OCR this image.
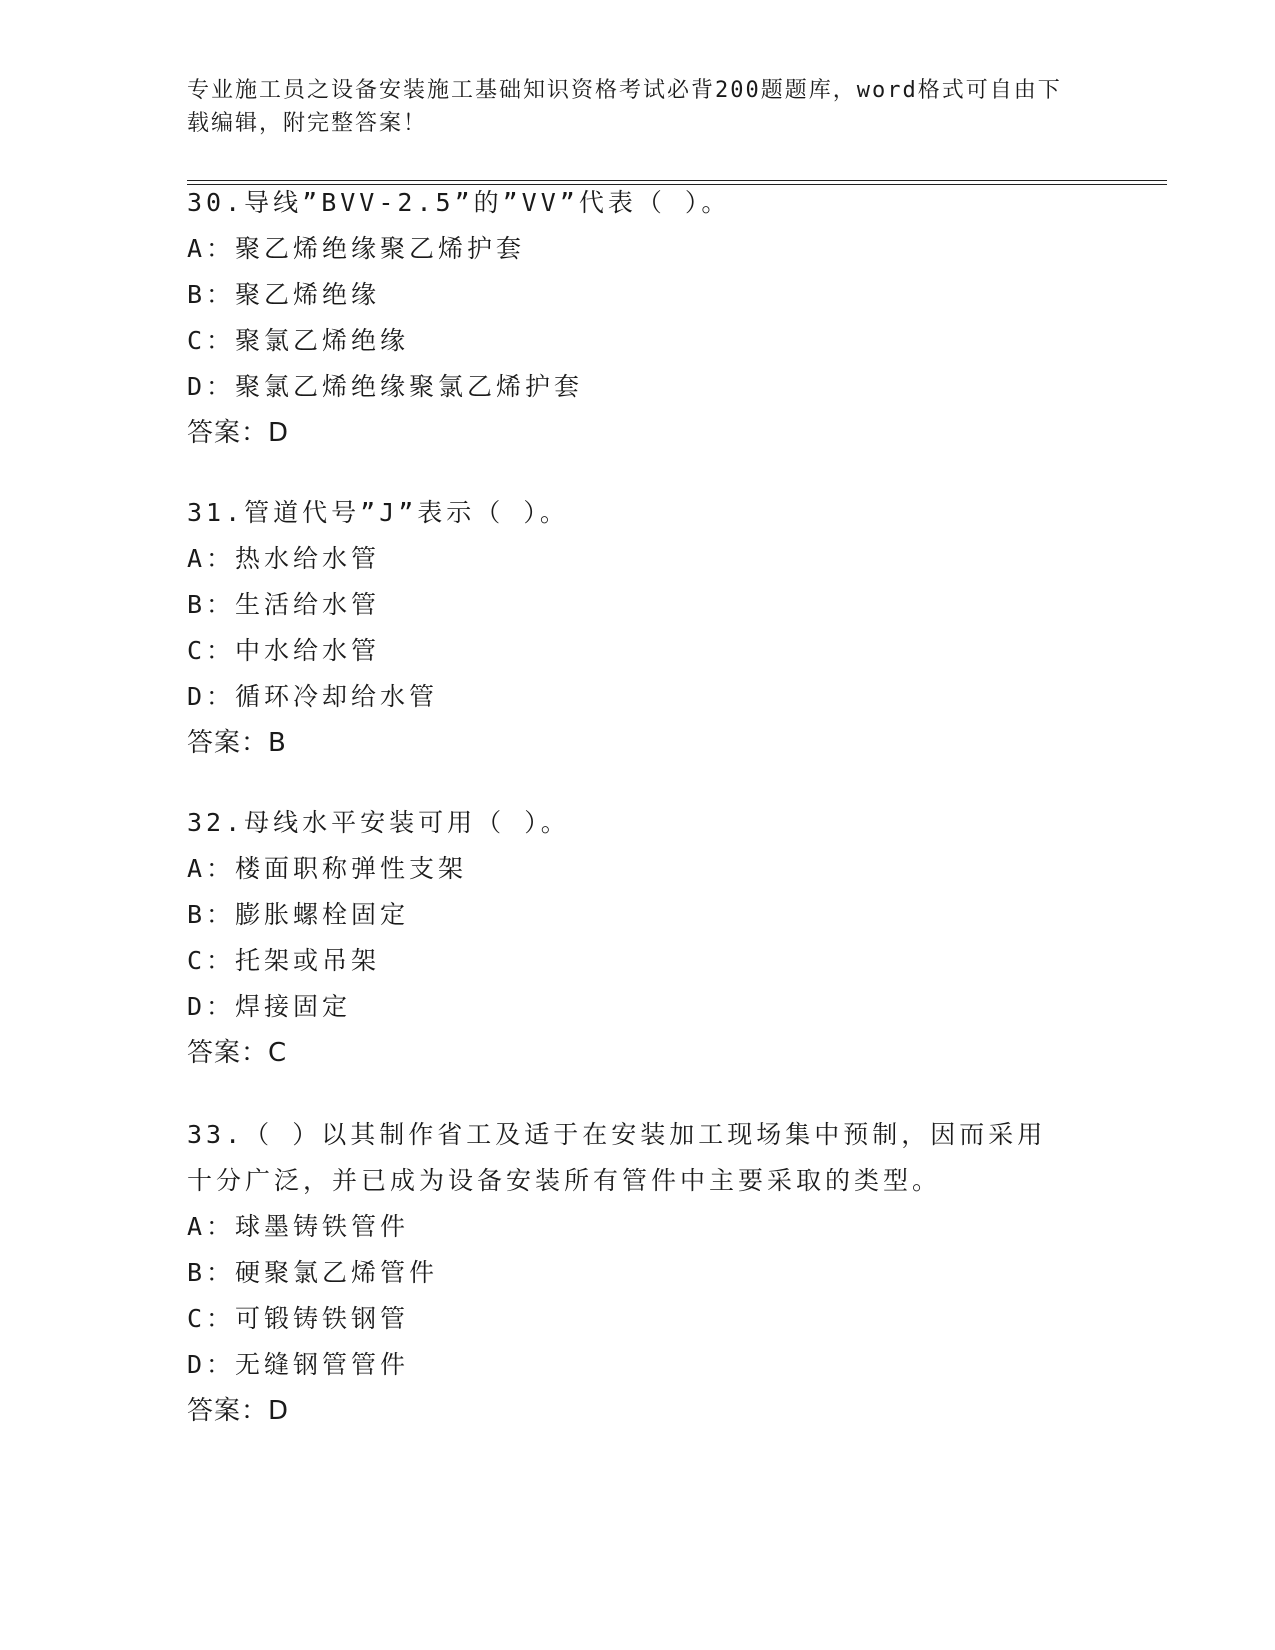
专业施工员之设备安装施工基础知识资格考试必背200题题库，word格式可自由下载编辑，附完整答案！
30.导线”BVV-2.5”的”VV”代表（ ）。
A：聚乙烯绝缘聚乙烯护套
B：聚乙烯绝缘
C：聚氯乙烯绝缘
D：聚氯乙烯绝缘聚氯乙烯护套
答案：D
31.管道代号”J”表示（ ）。
A：热水给水管
B：生活给水管
C：中水给水管
D：循环冷却给水管
答案：B
32.母线水平安装可用（ ）。
A：楼面职称弹性支架
B：膨胀螺栓固定
C：托架或吊架
D：焊接固定
答案：C
33.（ ）以其制作省工及适于在安装加工现场集中预制，因而采用十分广泛，并已成为设备安装所有管件中主要采取的类型。
A：球墨铸铁管件
B：硬聚氯乙烯管件
C：可锻铸铁钢管
D：无缝钢管管件
答案：D
